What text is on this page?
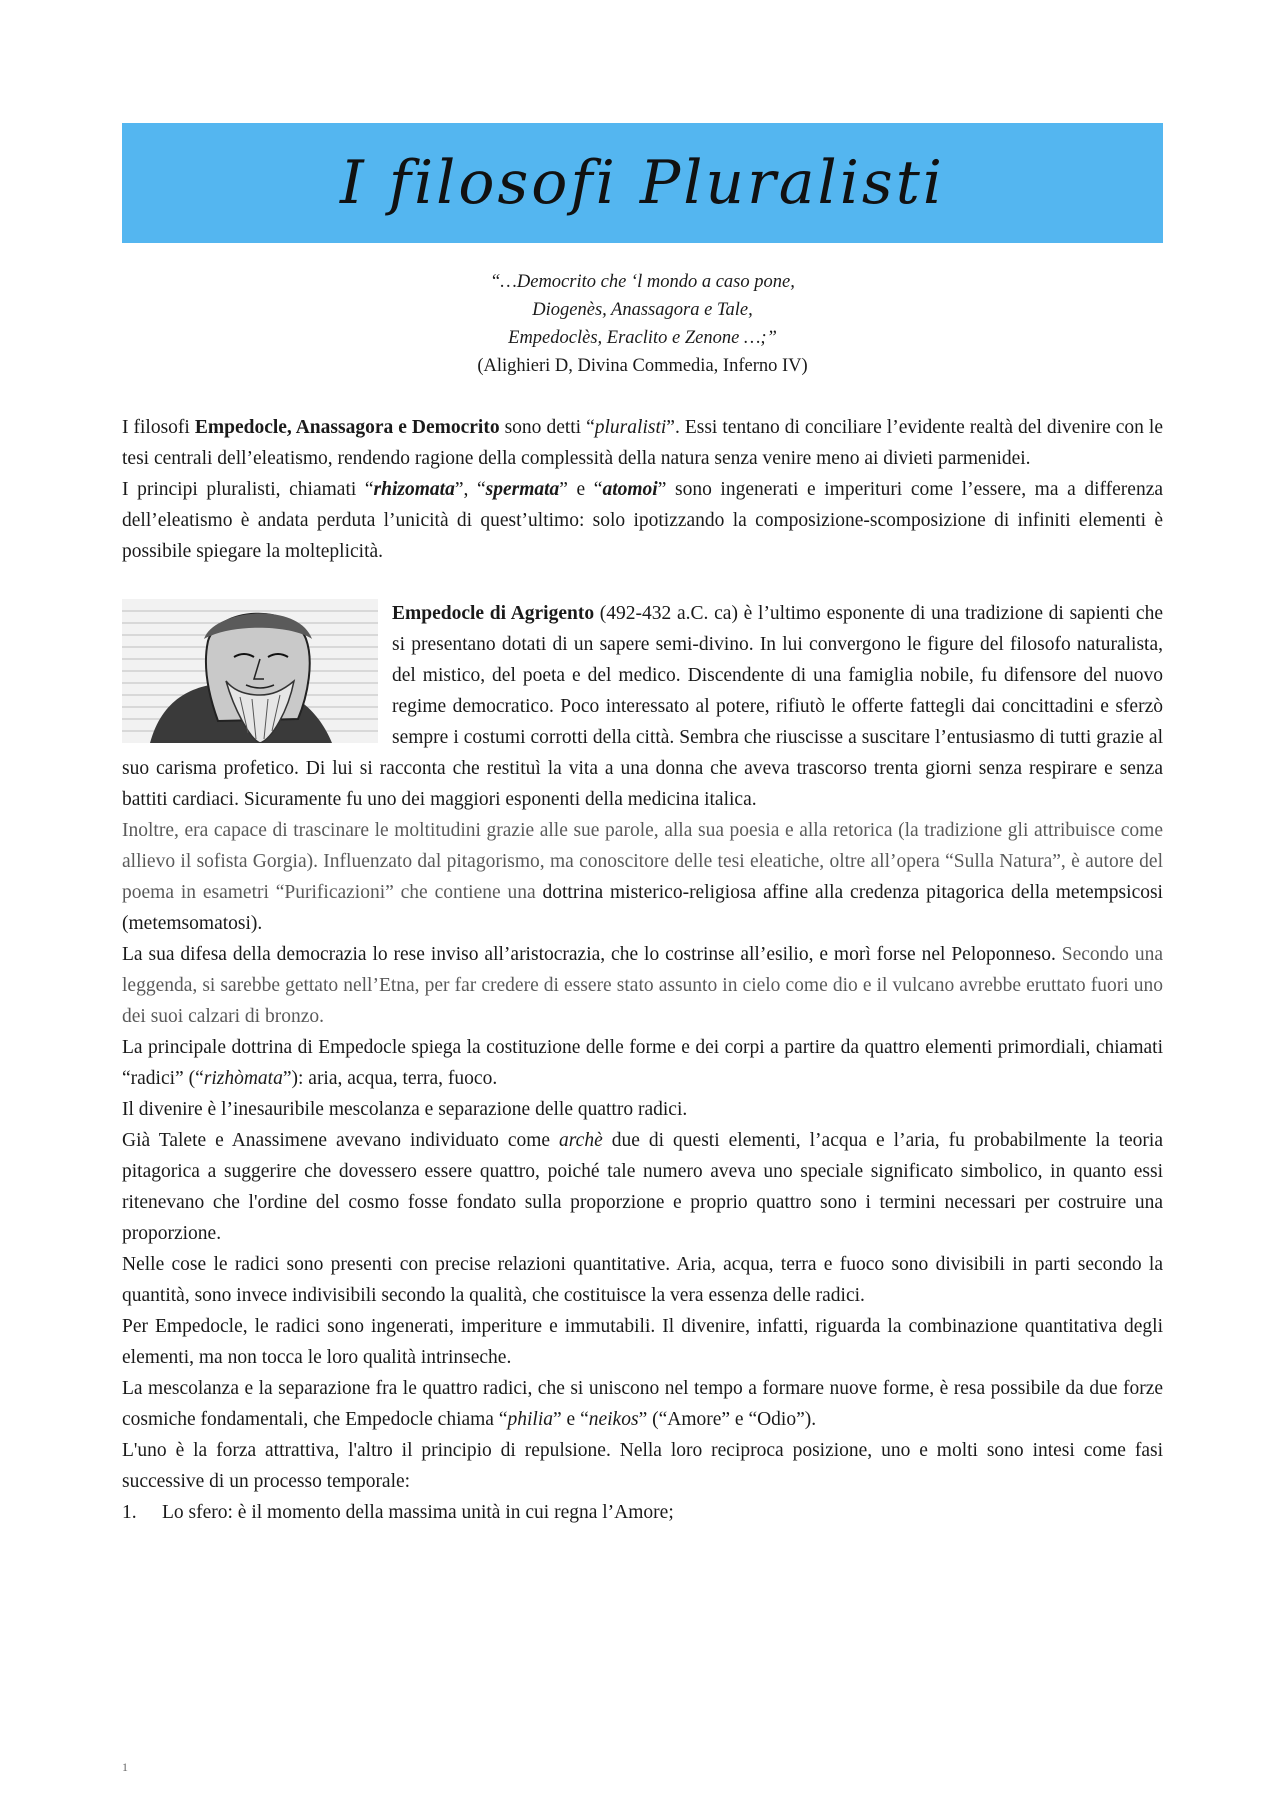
I filosofi Pluralisti
“…Democrito che ‘l mondo a caso pone,
Diogenès, Anassagora e Tale,
Empedoclès, Eraclito e Zenone …;”
(Alighieri D, Divina Commedia, Inferno IV)

I filosofi Empedocle, Anassagora e Democrito sono detti “pluralisti”. Essi tentano di conciliare l’evidente realtà del divenire con le tesi centrali dell’eleatismo, rendendo ragione della complessità della natura senza venire meno ai divieti parmenidei.

I principi pluralisti, chiamati “rhizomata”, “spermata” e “atomoi” sono ingenerati e imperituri come l’essere, ma a differenza dell’eleatismo è andata perduta l’unicità di quest’ultimo: solo ipotizzando la composizione-scomposizione di infiniti elementi è possibile spiegare la molteplicità.

Empedocle di Agrigento (492-432 a.C. ca) è l’ultimo esponente di una tradizione di sapienti che si presentano dotati di un sapere semi-divino. In lui convergono le figure del filosofo naturalista, del mistico, del poeta e del medico. Discendente di una famiglia nobile, fu difensore del nuovo regime democratico. Poco interessato al potere, rifiutò le offerte fattegli dai concittadini e sferzò sempre i costumi corrotti della città. Sembra che riuscisse a suscitare l’entusiasmo di tutti grazie al suo carisma profetico. Di lui si racconta che restituì la vita a una donna che aveva trascorso trenta giorni senza respirare e senza battiti cardiaci. Sicuramente fu uno dei maggiori esponenti della medicina italica.

Inoltre, era capace di trascinare le moltitudini grazie alle sue parole, alla sua poesia e alla retorica (la tradizione gli attribuisce come allievo il sofista Gorgia). Influenzato dal pitagorismo, ma conoscitore delle tesi eleatiche, oltre all’opera “Sulla Natura”, è autore del poema in esametri “Purificazioni” che contiene una dottrina misterico-religiosa affine alla credenza pitagorica della metempsicosi (metemsomatosi).

La sua difesa della democrazia lo rese inviso all’aristocrazia, che lo costrinse all’esilio, e morì forse nel Peloponneso. Secondo una leggenda, si sarebbe gettato nell’Etna, per far credere di essere stato assunto in cielo come dio e il vulcano avrebbe eruttato fuori uno dei suoi calzari di bronzo.

La principale dottrina di Empedocle spiega la costituzione delle forme e dei corpi a partire da quattro elementi primordiali, chiamati “radici” (“rizhòmata”): aria, acqua, terra, fuoco.

Il divenire è l’inesauribile mescolanza e separazione delle quattro radici.

Già Talete e Anassimene avevano individuato come archè due di questi elementi, l’acqua e l’aria, fu probabilmente la teoria pitagorica a suggerire che dovessero essere quattro, poiché tale numero aveva uno speciale significato simbolico, in quanto essi ritenevano che l'ordine del cosmo fosse fondato sulla proporzione e proprio quattro sono i termini necessari per costruire una proporzione.

Nelle cose le radici sono presenti con precise relazioni quantitative. Aria, acqua, terra e fuoco sono divisibili in parti secondo la quantità, sono invece indivisibili secondo la qualità, che costituisce la vera essenza delle radici.

Per Empedocle, le radici sono ingenerati, imperiture e immutabili. Il divenire, infatti, riguarda la combinazione quantitativa degli elementi, ma non tocca le loro qualità intrinseche.

La mescolanza e la separazione fra le quattro radici, che si uniscono nel tempo a formare nuove forme, è resa possibile da due forze cosmiche fondamentali, che Empedocle chiama “philia” e “neikos” (“Amore” e “Odio”).

L'uno è la forza attrattiva, l'altro il principio di repulsione. Nella loro reciproca posizione, uno e molti sono intesi come fasi successive di un processo temporale:

1.	Lo sfero: è il momento della massima unità in cui regna l’Amore;
1
